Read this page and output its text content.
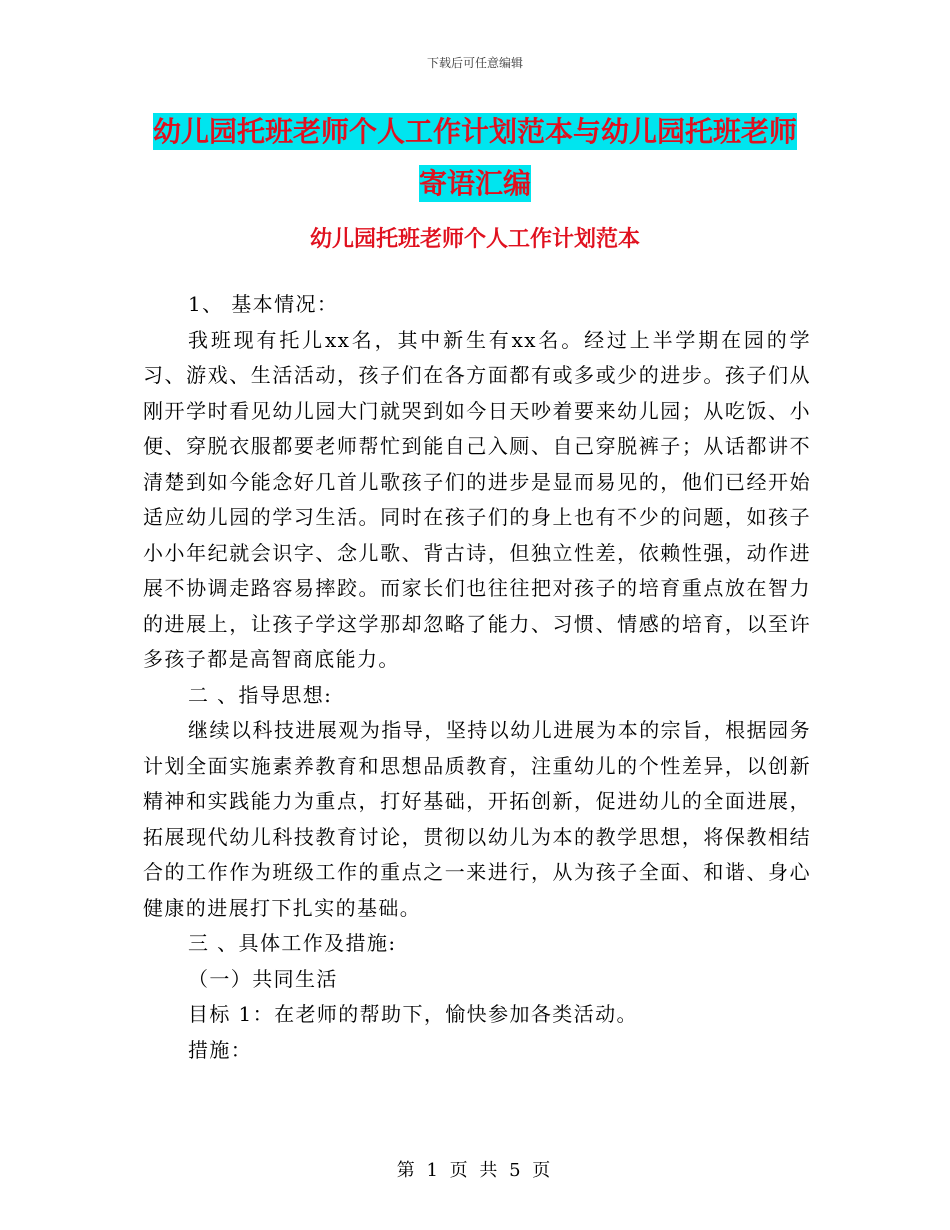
下载后可任意编辑
幼儿园托班老师个人工作计划范本与幼儿园托班老师
寄语汇编
幼儿园托班老师个人工作计划范本

1、 基本情况：

我班现有托儿xx名，其中新生有xx名。经过上半学期在园的学习、游戏、生活活动，孩子们在各方面都有或多或少的进步。孩子们从刚开学时看见幼儿园大门就哭到如今日天吵着要来幼儿园；从吃饭、小便、穿脱衣服都要老师帮忙到能自己入厕、自己穿脱裤子；从话都讲不清楚到如今能念好几首儿歌孩子们的进步是显而易见的，他们已经开始适应幼儿园的学习生活。同时在孩子们的身上也有不少的问题，如孩子小小年纪就会识字、念儿歌、背古诗，但独立性差，依赖性强，动作进展不协调走路容易摔跤。而家长们也往往把对孩子的培育重点放在智力的进展上，让孩子学这学那却忽略了能力、习惯、情感的培育，以至许多孩子都是高智商底能力。

二 、指导思想:

继续以科技进展观为指导，坚持以幼儿进展为本的宗旨，根据园务计划全面实施素养教育和思想品质教育，注重幼儿的个性差异，以创新精神和实践能力为重点，打好基础，开拓创新，促进幼儿的全面进展，拓展现代幼儿科技教育讨论，贯彻以幼儿为本的教学思想，将保教相结合的工作作为班级工作的重点之一来进行，从为孩子全面、和谐、身心健康的进展打下扎实的基础。

三 、具体工作及措施:

（一）共同生活

目标 1：在老师的帮助下，愉快参加各类活动。

措施：

第 1 页 共 5 页
